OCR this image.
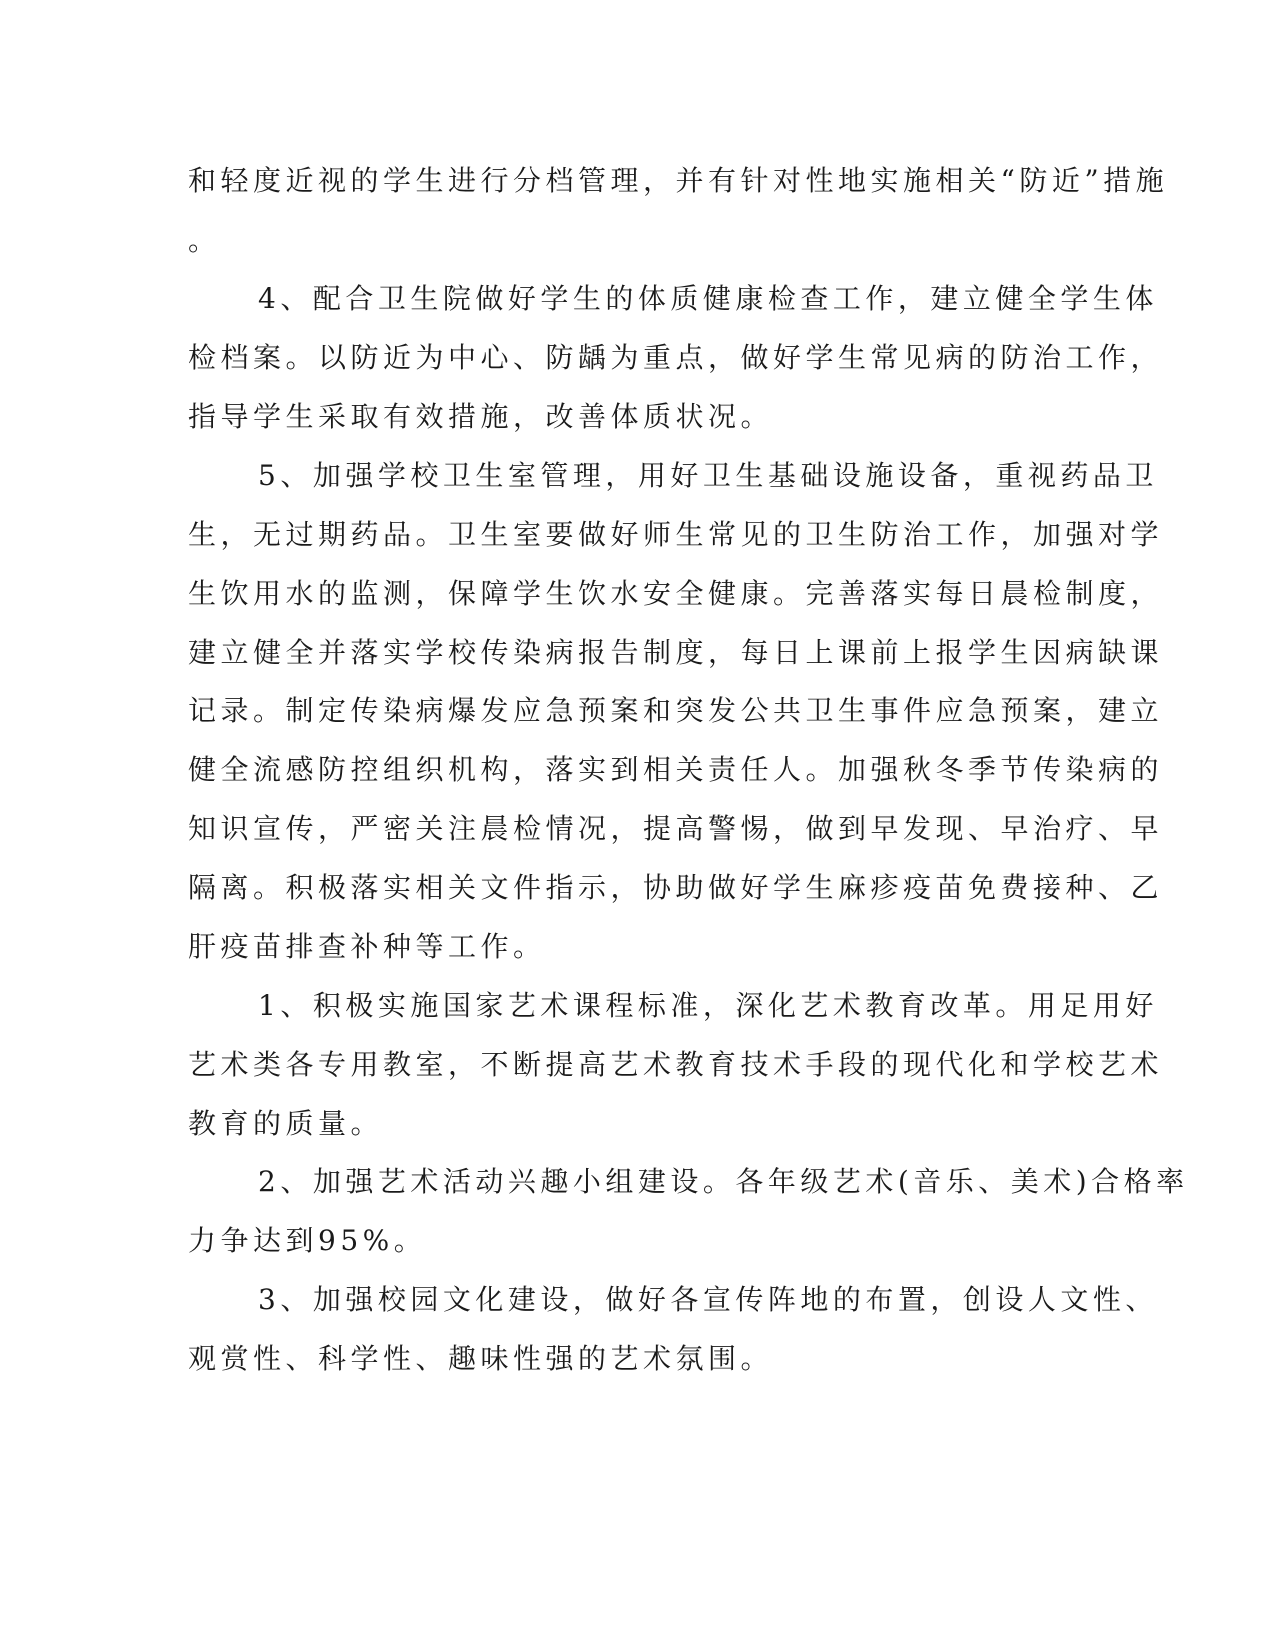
和轻度近视的学生进行分档管理，并有针对性地实施相关“防近”措施
。
4、配合卫生院做好学生的体质健康检查工作，建立健全学生体
检档案。以防近为中心、防龋为重点，做好学生常见病的防治工作，
指导学生采取有效措施，改善体质状况。
5、加强学校卫生室管理，用好卫生基础设施设备，重视药品卫
生，无过期药品。卫生室要做好师生常见的卫生防治工作，加强对学
生饮用水的监测，保障学生饮水安全健康。完善落实每日晨检制度，
建立健全并落实学校传染病报告制度，每日上课前上报学生因病缺课
记录。制定传染病爆发应急预案和突发公共卫生事件应急预案，建立
健全流感防控组织机构，落实到相关责任人。加强秋冬季节传染病的
知识宣传，严密关注晨检情况，提高警惕，做到早发现、早治疗、早
隔离。积极落实相关文件指示，协助做好学生麻疹疫苗免费接种、乙
肝疫苗排查补种等工作。
1、积极实施国家艺术课程标准，深化艺术教育改革。用足用好
艺术类各专用教室，不断提高艺术教育技术手段的现代化和学校艺术
教育的质量。
2、加强艺术活动兴趣小组建设。各年级艺术(音乐、美术)合格率
力争达到95%。
3、加强校园文化建设，做好各宣传阵地的布置，创设人文性、
观赏性、科学性、趣味性强的艺术氛围。
